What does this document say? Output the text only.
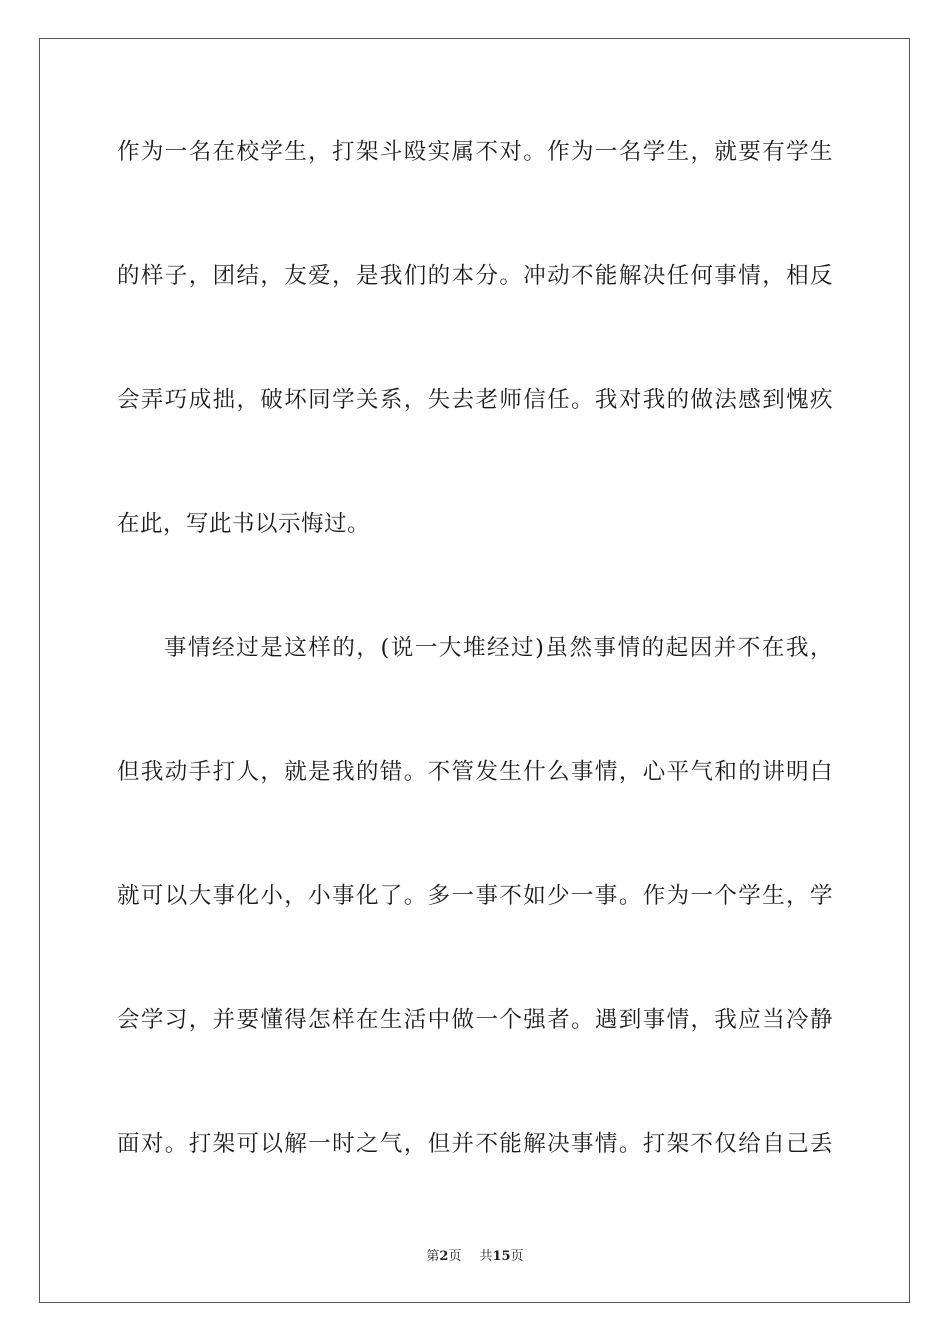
作为一名在校学生，打架斗殴实属不对。作为一名学生，就要有学生
的样子，团结，友爱，是我们的本分。冲动不能解决任何事情，相反
会弄巧成拙，破坏同学关系，失去老师信任。我对我的做法感到愧疚
在此，写此书以示悔过。
事情经过是这样的，(说一大堆经过)虽然事情的起因并不在我，
但我动手打人，就是我的错。不管发生什么事情，心平气和的讲明白
就可以大事化小，小事化了。多一事不如少一事。作为一个学生，学
会学习，并要懂得怎样在生活中做一个强者。遇到事情，我应当冷静
面对。打架可以解一时之气，但并不能解决事情。打架不仅给自己丢
第2页 共15页
